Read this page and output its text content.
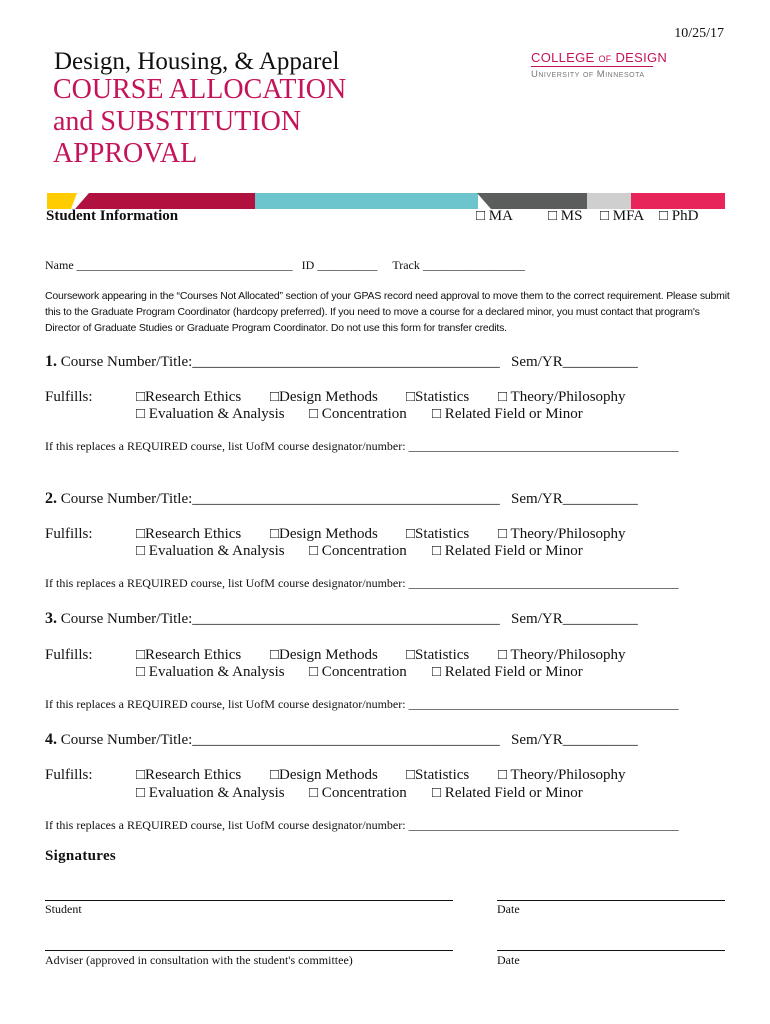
10/25/17
Design, Housing, & Apparel
COURSE ALLOCATION
and SUBSTITUTION
APPROVAL
COLLEGE OF DESIGN
University of Minnesota
Student Information	□ MA □ MS □ MFA □ PhD
Name ____________________________________ ID __________ Track _________________
Coursework appearing in the “Courses Not Allocated” section of your GPAS record need approval to move them to the correct requirement. Please submit this to the Graduate Program Coordinator (hardcopy preferred). If you need to move a course for a declared minor, you must contact that program's Director of Graduate Studies or Graduate Program Coordinator. Do not use this form for transfer credits.
1. Course Number/Title:_________________________________________ Sem/YR__________
Fulfills:	□Research Ethics □Design Methods □Statistics □ Theory/Philosophy
□ Evaluation & Analysis □ Concentration □ Related Field or Minor
If this replaces a REQUIRED course, list UofM course designator/number: _____________________________________________
2. Course Number/Title:_________________________________________ Sem/YR__________
Fulfills:	□Research Ethics □Design Methods □Statistics □ Theory/Philosophy
□ Evaluation & Analysis □ Concentration □ Related Field or Minor
If this replaces a REQUIRED course, list UofM course designator/number: _____________________________________________
3. Course Number/Title:_________________________________________ Sem/YR__________
Fulfills:	□Research Ethics □Design Methods □Statistics □ Theory/Philosophy
□ Evaluation & Analysis □ Concentration □ Related Field or Minor
If this replaces a REQUIRED course, list UofM course designator/number: _____________________________________________
4. Course Number/Title:_________________________________________ Sem/YR__________
Fulfills:	□Research Ethics □Design Methods □Statistics □ Theory/Philosophy
□ Evaluation & Analysis □ Concentration □ Related Field or Minor
If this replaces a REQUIRED course, list UofM course designator/number: _____________________________________________
Signatures
Student	Date
Adviser (approved in consultation with the student's committee)	Date
